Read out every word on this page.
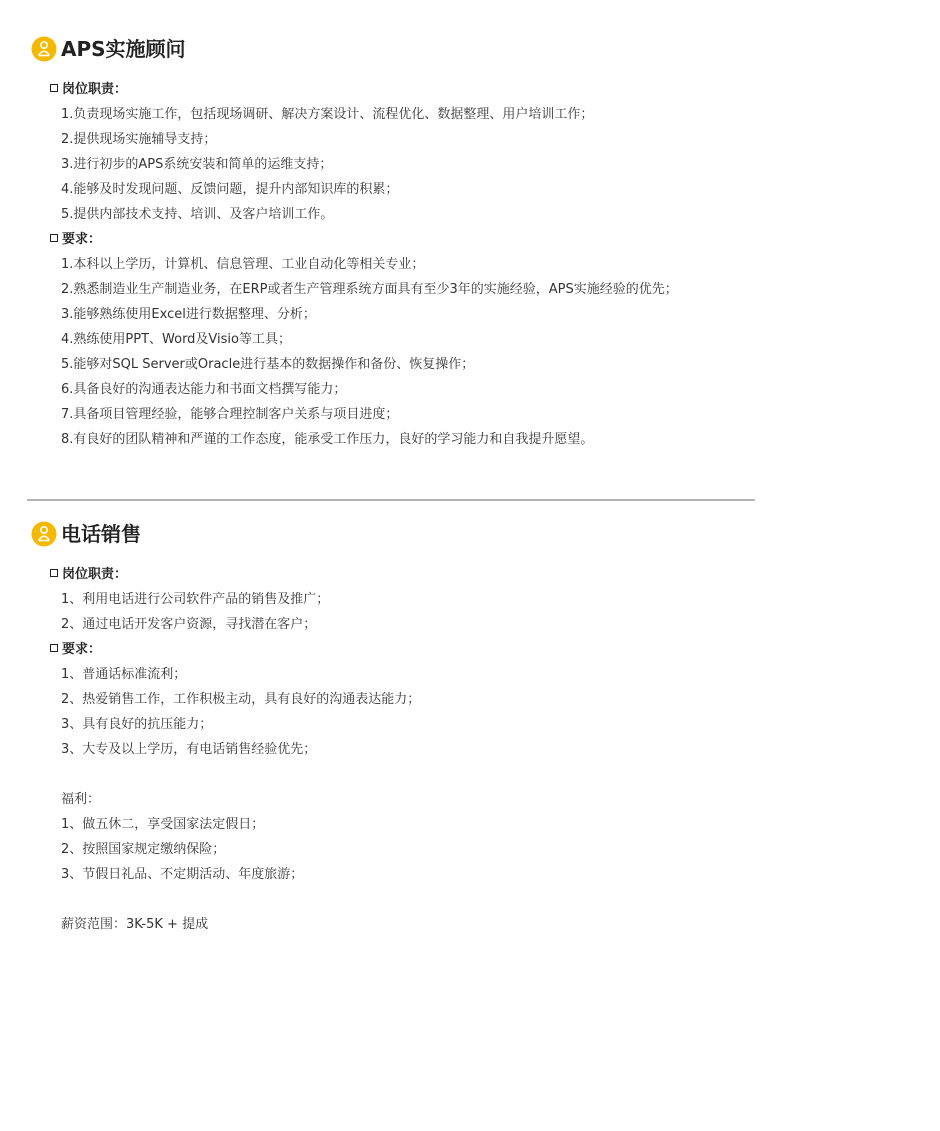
APS实施顾问
岗位职责：
1.负责现场实施工作，包括现场调研、解决方案设计、流程优化、数据整理、用户培训工作；
2.提供现场实施辅导支持；
3.进行初步的APS系统安装和简单的运维支持；
4.能够及时发现问题、反馈问题，提升内部知识库的积累；
5.提供内部技术支持、培训、及客户培训工作。
要求：
1.本科以上学历，计算机、信息管理、工业自动化等相关专业；
2.熟悉制造业生产制造业务，在ERP或者生产管理系统方面具有至少3年的实施经验，APS实施经验的优先；
3.能够熟练使用Excel进行数据整理、分析；
4.熟练使用PPT、Word及Visio等工具；
5.能够对SQL Server或Oracle进行基本的数据操作和备份、恢复操作；
6.具备良好的沟通表达能力和书面文档撰写能力；
7.具备项目管理经验，能够合理控制客户关系与项目进度；
8.有良好的团队精神和严谨的工作态度，能承受工作压力，良好的学习能力和自我提升愿望。
电话销售
岗位职责：
1、利用电话进行公司软件产品的销售及推广；
2、通过电话开发客户资源，寻找潜在客户；
要求：
1、普通话标准流利；
2、热爱销售工作，工作积极主动，具有良好的沟通表达能力；
3、具有良好的抗压能力；
3、大专及以上学历，有电话销售经验优先；
福利：
1、做五休二，享受国家法定假日；
2、按照国家规定缴纳保险；
3、节假日礼品、不定期活动、年度旅游；
薪资范围：3K-5K + 提成
